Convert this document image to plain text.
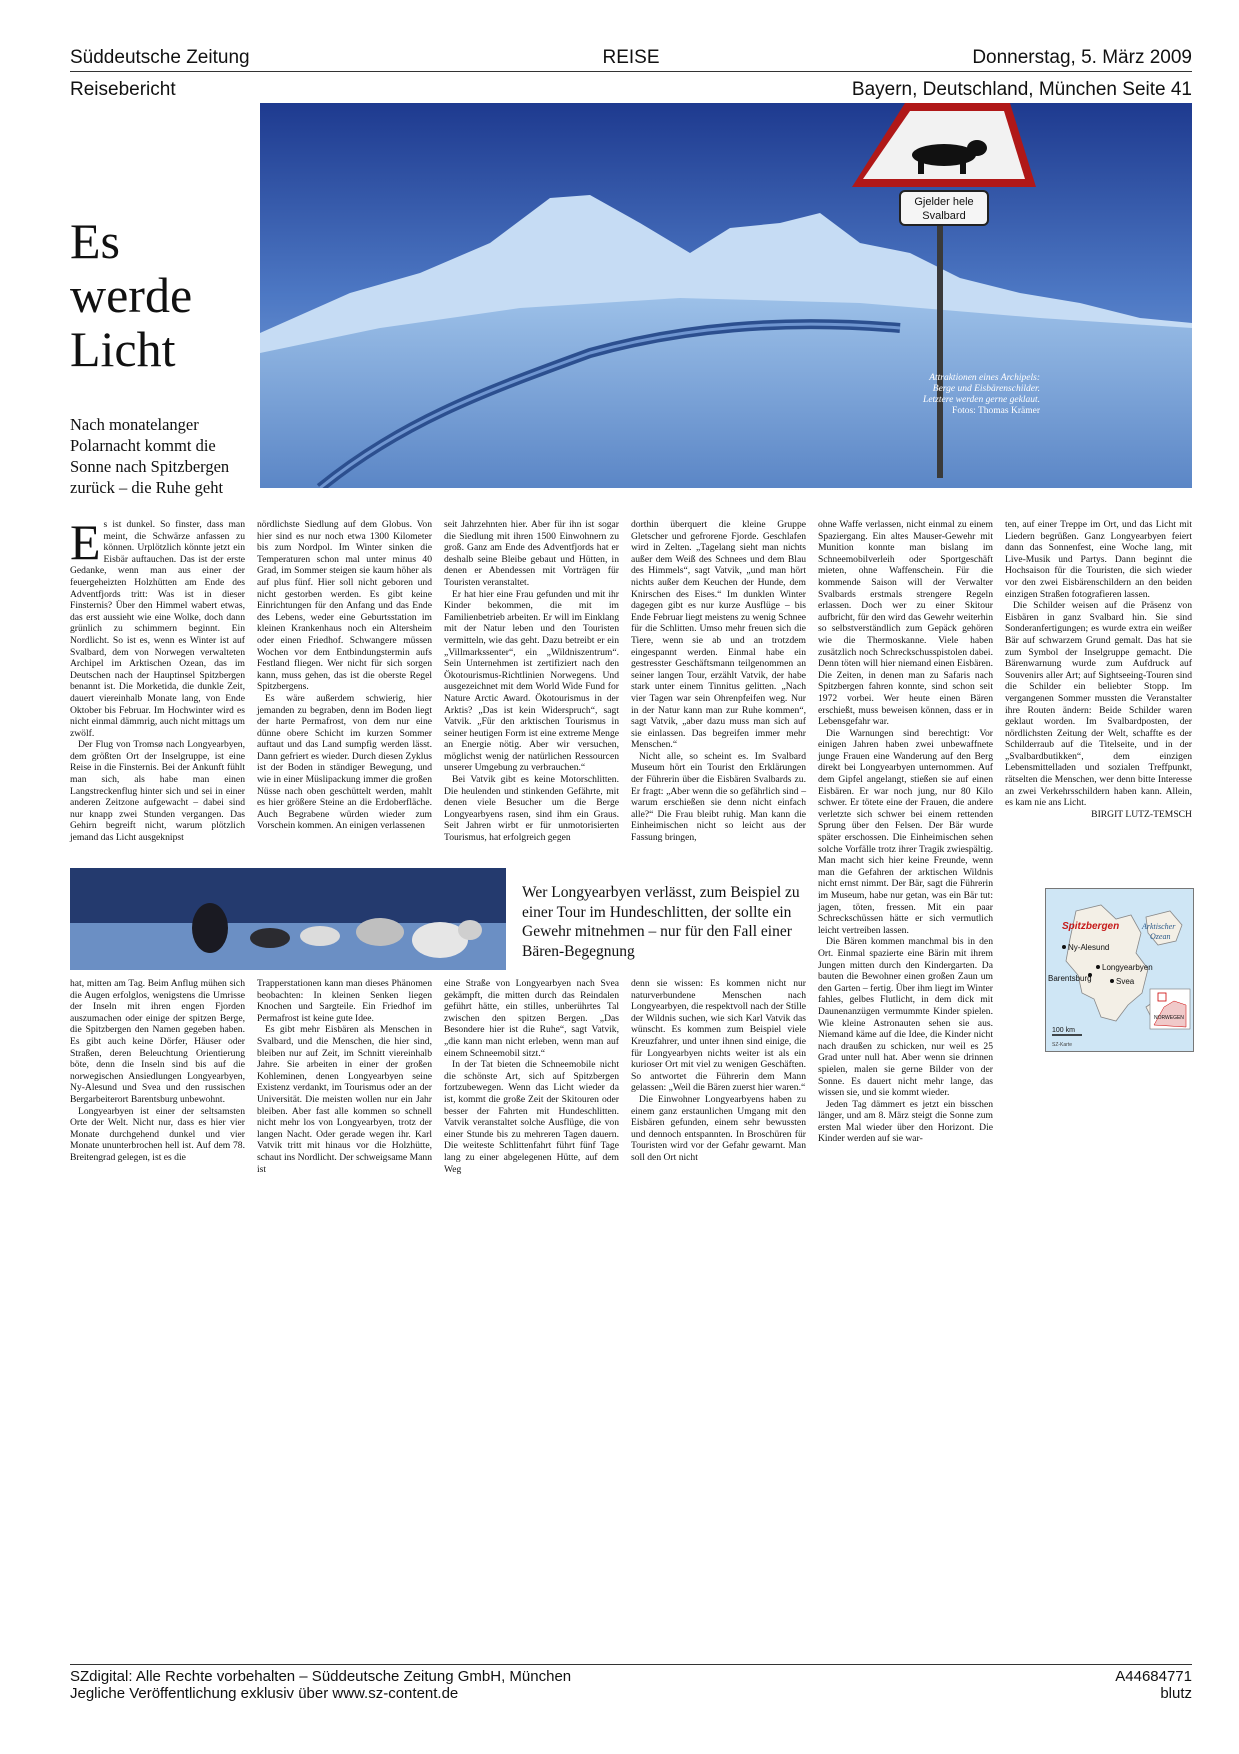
Süddeutsche Zeitung	REISE	Donnerstag, 5. März 2009
Reisebericht	Bayern, Deutschland, München Seite 41
Gjelder hele
Svalbard
Attraktionen eines Archipels: Berge und Eisbärenschilder. Letztere werden gerne geklaut.
Fotos: Thomas Krämer
Es
werde
Licht
Nach monatelanger Polarnacht kommt die Sonne nach Spitzbergen zurück – die Ruhe geht

Es ist dunkel. So finster, dass man meint, die Schwärze anfassen zu können. Urplötzlich könnte jetzt ein Eisbär auftauchen. Das ist der erste Gedanke, wenn man aus einer der feuergeheizten Holzhütten am Ende des Adventfjords tritt: Was ist in dieser Finsternis? Über den Himmel wabert etwas, das erst aussieht wie eine Wolke, doch dann grünlich zu schimmern beginnt. Ein Nordlicht. So ist es, wenn es Winter ist auf Svalbard, dem von Norwegen verwalteten Archipel im Arktischen Ozean, das im Deutschen nach der Hauptinsel Spitzbergen benannt ist. Die Morketida, die dunkle Zeit, dauert viereinhalb Monate lang, von Ende Oktober bis Februar. Im Hochwinter wird es nicht einmal dämmrig, auch nicht mittags um zwölf.

Der Flug von Tromsø nach Longyearbyen, dem größten Ort der Inselgruppe, ist eine Reise in die Finsternis. Bei der Ankunft fühlt man sich, als habe man einen Langstreckenflug hinter sich und sei in einer anderen Zeitzone aufgewacht – dabei sind nur knapp zwei Stunden vergangen. Das Gehirn begreift nicht, warum plötzlich jemand das Licht ausgeknipst

nördlichste Siedlung auf dem Globus. Von hier sind es nur noch etwa 1300 Kilometer bis zum Nordpol. Im Winter sinken die Temperaturen schon mal unter minus 40 Grad, im Sommer steigen sie kaum höher als auf plus fünf. Hier soll nicht geboren und nicht gestorben werden. Es gibt keine Einrichtungen für den Anfang und das Ende des Lebens, weder eine Geburtsstation im kleinen Krankenhaus noch ein Altersheim oder einen Friedhof. Schwangere müssen Wochen vor dem Entbindungstermin aufs Festland fliegen. Wer nicht für sich sorgen kann, muss gehen, das ist die oberste Regel Spitzbergens.

Es wäre außerdem schwierig, hier jemanden zu begraben, denn im Boden liegt der harte Permafrost, von dem nur eine dünne obere Schicht im kurzen Sommer auftaut und das Land sumpfig werden lässt. Dann gefriert es wieder. Durch diesen Zyklus ist der Boden in ständiger Bewegung, und wie in einer Müslipackung immer die großen Nüsse nach oben geschüttelt werden, mahlt es hier größere Steine an die Erdoberfläche. Auch Begrabene würden wieder zum Vorschein kommen. An einigen verlassenen

seit Jahrzehnten hier. Aber für ihn ist sogar die Siedlung mit ihren 1500 Einwohnern zu groß. Ganz am Ende des Adventfjords hat er deshalb seine Bleibe gebaut und Hütten, in denen er Abendessen mit Vorträgen für Touristen veranstaltet.

Er hat hier eine Frau gefunden und mit ihr Kinder bekommen, die mit im Familienbetrieb arbeiten. Er will im Einklang mit der Natur leben und den Touristen vermitteln, wie das geht. Dazu betreibt er ein „Villmarkssenter“, ein „Wildniszentrum“. Sein Unternehmen ist zertifiziert nach den Ökotourismus-Richtlinien Norwegens. Und ausgezeichnet mit dem World Wide Fund for Nature Arctic Award. Ökotourismus in der Arktis? „Das ist kein Widerspruch“, sagt Vatvik. „Für den arktischen Tourismus in seiner heutigen Form ist eine extreme Menge an Energie nötig. Aber wir versuchen, möglichst wenig der natürlichen Ressourcen unserer Umgebung zu verbrauchen.“

Bei Vatvik gibt es keine Motorschlitten. Die heulenden und stinkenden Gefährte, mit denen viele Besucher um die Berge Longyearbyens rasen, sind ihm ein Graus. Seit Jahren wirbt er für unmotorisierten Tourismus, hat erfolgreich gegen

dorthin überquert die kleine Gruppe Gletscher und gefrorene Fjorde. Geschlafen wird in Zelten. „Tagelang sieht man nichts außer dem Weiß des Schnees und dem Blau des Himmels“, sagt Vatvik, „und man hört nichts außer dem Keuchen der Hunde, dem Knirschen des Eises.“ Im dunklen Winter dagegen gibt es nur kurze Ausflüge – bis Ende Februar liegt meistens zu wenig Schnee für die Schlitten. Umso mehr freuen sich die Tiere, wenn sie ab und an trotzdem eingespannt werden. Einmal habe ein gestresster Geschäftsmann teilgenommen an seiner langen Tour, erzählt Vatvik, der habe stark unter einem Tinnitus gelitten. „Nach vier Tagen war sein Ohrenpfeifen weg. Nur in der Natur kann man zur Ruhe kommen“, sagt Vatvik, „aber dazu muss man sich auf sie einlassen. Das begreifen immer mehr Menschen.“

Nicht alle, so scheint es. Im Svalbard Museum hört ein Tourist den Erklärungen der Führerin über die Eisbären Svalbards zu. Er fragt: „Aber wenn die so gefährlich sind – warum erschießen sie denn nicht einfach alle?“ Die Frau bleibt ruhig. Man kann die Einheimischen nicht so leicht aus der Fassung bringen,

ohne Waffe verlassen, nicht einmal zu einem Spaziergang. Ein altes Mauser-Gewehr mit Munition konnte man bislang im Schneemobilverleih oder Sportgeschäft mieten, ohne Waffenschein. Für die kommende Saison will der Verwalter Svalbards erstmals strengere Regeln erlassen. Doch wer zu einer Skitour aufbricht, für den wird das Gewehr weiterhin so selbstverständlich zum Gepäck gehören wie die Thermoskanne. Viele haben zusätzlich noch Schreckschusspistolen dabei. Denn töten will hier niemand einen Eisbären. Die Zeiten, in denen man zu Safaris nach Spitzbergen fahren konnte, sind schon seit 1972 vorbei. Wer heute einen Bären erschießt, muss beweisen können, dass er in Lebensgefahr war.

Die Warnungen sind berechtigt: Vor einigen Jahren haben zwei unbewaffnete junge Frauen eine Wanderung auf den Berg direkt bei Longyearbyen unternommen. Auf dem Gipfel angelangt, stießen sie auf einen Eisbären. Er war noch jung, nur 80 Kilo schwer. Er tötete eine der Frauen, die andere verletzte sich schwer bei einem rettenden Sprung über den Felsen. Der Bär wurde später erschossen. Die Einheimischen sehen solche Vorfälle trotz ihrer Tragik zwiespältig. Man macht sich hier keine Freunde, wenn man die Gefahren der arktischen Wildnis nicht ernst nimmt. Der Bär, sagt die Führerin im Museum, habe nur getan, was ein Bär tut: jagen, töten, fressen. Mit ein paar Schreckschüssen hätte er sich vermutlich leicht vertreiben lassen.

Die Bären kommen manchmal bis in den Ort. Einmal spazierte eine Bärin mit ihrem Jungen mitten durch den Kindergarten. Da bauten die Bewohner einen großen Zaun um den Garten – fertig. Über ihm liegt im Winter fahles, gelbes Flutlicht, in dem dick mit Daunenanzügen vermummte Kinder spielen. Wie kleine Astronauten sehen sie aus. Niemand käme auf die Idee, die Kinder nicht nach draußen zu schicken, nur weil es 25 Grad unter null hat. Aber wenn sie drinnen spielen, malen sie gerne Bilder von der Sonne. Es dauert nicht mehr lange, das wissen sie, und sie kommt wieder.

Jeden Tag dämmert es jetzt ein bisschen länger, und am 8. März steigt die Sonne zum ersten Mal wieder über den Horizont. Die Kinder werden auf sie war-

ten, auf einer Treppe im Ort, und das Licht mit Liedern begrüßen. Ganz Longyearbyen feiert dann das Sonnenfest, eine Woche lang, mit Live-Musik und Partys. Dann beginnt die Hochsaison für die Touristen, die sich wieder vor den zwei Eisbärenschildern an den beiden einzigen Straßen fotografieren lassen.

Die Schilder weisen auf die Präsenz von Eisbären in ganz Svalbard hin. Sie sind Sonderanfertigungen; es wurde extra ein weißer Bär auf schwarzem Grund gemalt. Das hat sie zum Symbol der Inselgruppe gemacht. Die Bärenwarnung wurde zum Aufdruck auf Souvenirs aller Art; auf Sightseeing-Touren sind die Schilder ein beliebter Stopp. Im vergangenen Sommer mussten die Veranstalter ihre Routen ändern: Beide Schilder waren geklaut worden. Im Svalbardposten, der nördlichsten Zeitung der Welt, schaffte es der Schilderraub auf die Titelseite, und in der „Svalbardbutikken“, dem einzigen Lebensmittelladen und sozialen Treffpunkt, rätselten die Menschen, wer denn bitte Interesse an zwei Verkehrsschildern haben kann. Allein, es kam nie ans Licht.

BIRGIT LUTZ-TEMSCH

Wer Longyearbyen verlässt, zum Beispiel zu einer Tour im Hundeschlitten, der sollte ein Gewehr mitnehmen – nur für den Fall einer Bären-Begegnung

hat, mitten am Tag. Beim Anflug mühen sich die Augen erfolglos, wenigstens die Umrisse der Inseln mit ihren engen Fjorden auszumachen oder einige der spitzen Berge, die Spitzbergen den Namen gegeben haben. Es gibt auch keine Dörfer, Häuser oder Straßen, deren Beleuchtung Orientierung böte, denn die Inseln sind bis auf die norwegischen Ansiedlungen Longyearbyen, Ny-Alesund und Svea und den russischen Bergarbeiterort Barentsburg unbewohnt.

Longyearbyen ist einer der seltsamsten Orte der Welt. Nicht nur, dass es hier vier Monate durchgehend dunkel und vier Monate ununterbrochen hell ist. Auf dem 78. Breitengrad gelegen, ist es die

Trapperstationen kann man dieses Phänomen beobachten: In kleinen Senken liegen Knochen und Sargteile. Ein Friedhof im Permafrost ist keine gute Idee.

Es gibt mehr Eisbären als Menschen in Svalbard, und die Menschen, die hier sind, bleiben nur auf Zeit, im Schnitt viereinhalb Jahre. Sie arbeiten in einer der großen Kohleminen, denen Longyearbyen seine Existenz verdankt, im Tourismus oder an der Universität. Die meisten wollen nur ein Jahr bleiben. Aber fast alle kommen so schnell nicht mehr los von Longyearbyen, trotz der langen Nacht. Oder gerade wegen ihr. Karl Vatvik tritt mit hinaus vor die Holzhütte, schaut ins Nordlicht. Der schweigsame Mann ist

eine Straße von Longyearbyen nach Svea gekämpft, die mitten durch das Reindalen geführt hätte, ein stilles, unberührtes Tal zwischen den spitzen Bergen. „Das Besondere hier ist die Ruhe“, sagt Vatvik, „die kann man nicht erleben, wenn man auf einem Schneemobil sitzt.“

In der Tat bieten die Schneemobile nicht die schönste Art, sich auf Spitzbergen fortzubewegen. Wenn das Licht wieder da ist, kommt die große Zeit der Skitouren oder besser der Fahrten mit Hundeschlitten. Vatvik veranstaltet solche Ausflüge, die von einer Stunde bis zu mehreren Tagen dauern. Die weiteste Schlittenfahrt führt fünf Tage lang zu einer abgelegenen Hütte, auf dem Weg

denn sie wissen: Es kommen nicht nur naturverbundene Menschen nach Longyearbyen, die respektvoll nach der Stille der Wildnis suchen, wie sich Karl Vatvik das wünscht. Es kommen zum Beispiel viele Kreuzfahrer, und unter ihnen sind einige, die für Longyearbyen nichts weiter ist als ein kurioser Ort mit viel zu wenigen Geschäften. So antwortet die Führerin dem Mann gelassen: „Weil die Bären zuerst hier waren.“

Die Einwohner Longyearbyens haben zu einem ganz erstaunlichen Umgang mit den Eisbären gefunden, einem sehr bewussten und dennoch entspannten. In Broschüren für Touristen wird vor der Gefahr gewarnt. Man soll den Ort nicht

Spitzbergen	Arktischer
Ozean
Ny-Alesund
Longyearbyen
Barentsburg	Svea
NORWEGEN
100 km
SZ-Karte
SZdigital: Alle Rechte vorbehalten – Süddeutsche Zeitung GmbH, München
Jegliche Veröffentlichung exklusiv über www.sz-content.de
A44684771
blutz
